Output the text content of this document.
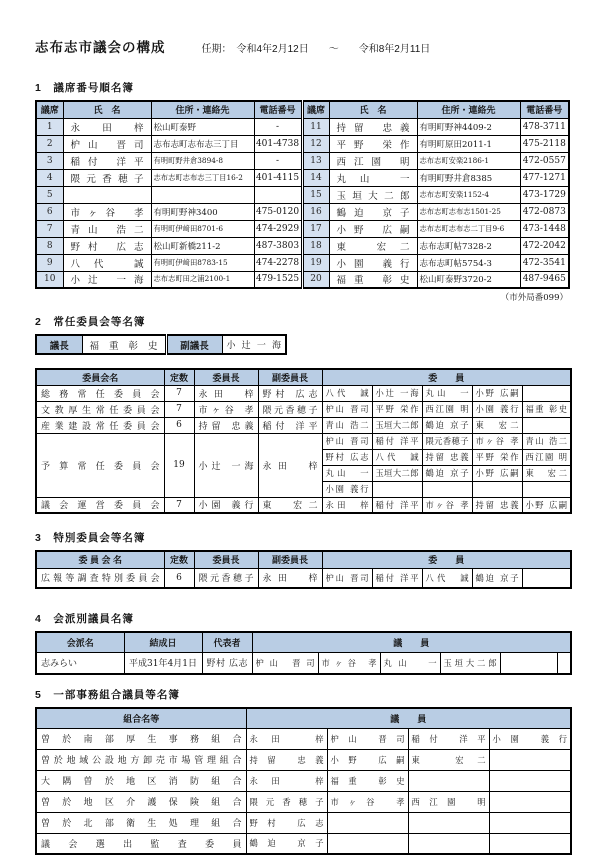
志布志市議会の構成	任期：　令和4年2月12日　　～　　令和8年2月11日
1　議席番号順名簿
議席	氏　名	住所・連絡先	電話番号	議席	氏　名	住所・連絡先	電話番号
1	永 田 梓	松山町泰野	-	11	持留 忠義	有明町野神4409-2	478-3711
2	枦山 晋司	志布志町志布志三丁目	401-4738	12	平野 栄作	有明町原田2011-1	475-2118
3	稲付 洋平	有明町野井倉3894-8	-	13	西江園 明	志布志町安楽2186-1	472-0557
4	隈 元 香 穂 子	志布志町志布志三丁目16-2	401-4115	14	丸山 一	有明町野井倉8385	477-1271
5				15	玉 垣 大 二 郎	志布志町安楽1152-4	473-1729
6	市ヶ谷 孝	有明町野神3400	475-0120	16	鶴迫 京子	志布志町志布志1501-25	472-0873
7	青山 浩二	有明町伊﨑田8701-6	474-2929	17	小野 広嗣	志布志町志布志二丁目9-6	473-1448
8	野村 広志	松山町新橋211-2	487-3803	18	東 宏二	志布志町帖7328-2	472-2042
9	八代 誠	有明町伊﨑田8783-15	474-2278	19	小園 義行	志布志町帖5754-3	472-3541
10	小辻 一海	志布志町田之浦2100-1	479-1525	20	福重 彰史	松山町泰野3720-2	487-9465
（市外局番099）
2　常任委員会等名簿
議長	福 重 彰 史	副議長	小 辻 一 海
委員会名	定数	委員長	副委員長	委　　員				
総 務 常 任 委 員 会	7	永田　梓	野村 広志	八代　誠	小辻 一海	丸山　一	小野 広嗣	
文教厚生常任委員会	7	市ヶ谷 孝	隈元香穂子	枦山 晋司	平野 栄作	西江園 明	小園 義行	福重 彰史
産業建設常任委員会	6	持留 忠義	稲付 洋平	青山 浩二	玉垣大二郎	鶴迫 京子	東　宏二	
予 算 常 任 委 員 会	19	小辻 一海	永田　梓	枦山 晋司	稲付 洋平	隈元香穂子	市ヶ谷 孝	青山 浩二
				野村 広志	八代　誠	持留 忠義	平野 栄作	西江園 明
				丸山　一	玉垣大二郎	鶴迫 京子	小野 広嗣	東　宏二
				小園 義行				
議 会 運 営 委 員 会	7	小園 義行	東　宏二	永田　梓	稲付 洋平	市ヶ谷 孝	持留 忠義	小野 広嗣
3　特別委員会等名簿
委 員 会 名	定数	委員長	副委員長	委　　員				
広報等調査特別委員会	6	隈元香穂子	永田　梓	枦山 晋司	稲付 洋平	八代　誠	鶴迫 京子	
4　会派別議員名簿
会派名	結成日	代表者	議　　員					
志みらい	平成31年4月1日	野村 広志	枦山 晋司	市ヶ谷 孝	丸山　一	玉垣大二郎		
5　一部事務組合議員等名簿
組合名等	議　　員			
曽 於 南 部 厚 生 事 務 組 合	永田　梓	枦山 晋司	稲付 洋平	小園 義行
曽於地域公設地方卸売市場管理組合	持留 忠義	小野 広嗣	東　宏二	
大 隅 曽 於 地 区 消 防 組 合	永田　梓	福重 彰史		
曽 於 地 区 介 護 保 険 組 合	隈元香穂子	市ヶ谷 孝	西江園 明	
曽 於 北 部 衛 生 処 理 組 合	野村 広志			
議 会 選 出 監 査 委 員	鶴迫 京子			
